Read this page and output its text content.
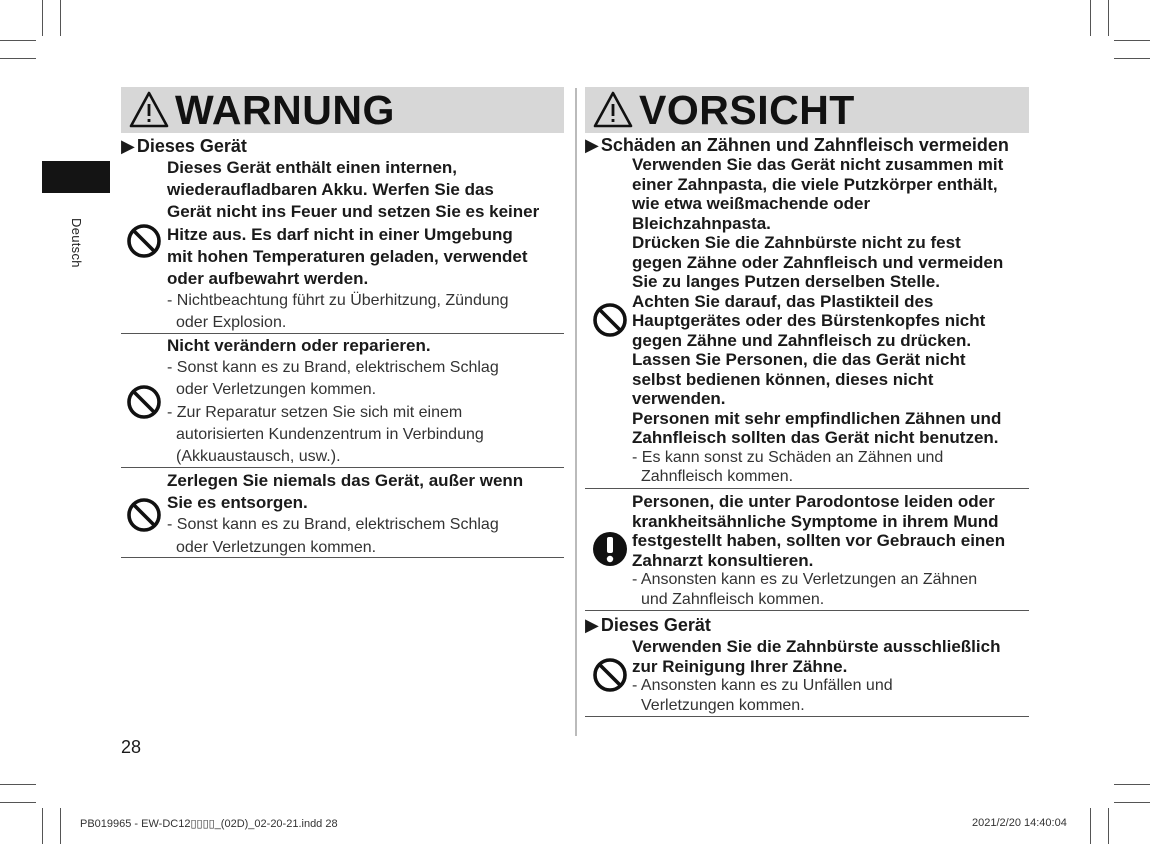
Deutsch
WARNUNG
▶ Dieses Gerät
Dieses Gerät enthält einen internen,
wiederaufladbaren Akku. Werfen Sie das
Gerät nicht ins Feuer und setzen Sie es keiner
Hitze aus. Es darf nicht in einer Umgebung
mit hohen Temperaturen geladen, verwendet
oder aufbewahrt werden.
- Nichtbeachtung führt zu Überhitzung, Zündung
oder Explosion.
Nicht verändern oder reparieren.
- Sonst kann es zu Brand, elektrischem Schlag
oder Verletzungen kommen.
- Zur Reparatur setzen Sie sich mit einem
autorisierten Kundenzentrum in Verbindung
(Akkuaustausch, usw.).
Zerlegen Sie niemals das Gerät, außer wenn
Sie es entsorgen.
- Sonst kann es zu Brand, elektrischem Schlag
oder Verletzungen kommen.
VORSICHT
▶ Schäden an Zähnen und Zahnfleisch vermeiden
▶ Dieses Gerät
Verwenden Sie das Gerät nicht zusammen mit
einer Zahnpasta, die viele Putzkörper enthält,
wie etwa weißmachende oder
Bleichzahnpasta.
Drücken Sie die Zahnbürste nicht zu fest
gegen Zähne oder Zahnfleisch und vermeiden
Sie zu langes Putzen derselben Stelle.
Achten Sie darauf, das Plastikteil des
Hauptgerätes oder des Bürstenkopfes nicht
gegen Zähne und Zahnfleisch zu drücken.
Lassen Sie Personen, die das Gerät nicht
selbst bedienen können, dieses nicht
verwenden.
Personen mit sehr empfindlichen Zähnen und
Zahnfleisch sollten das Gerät nicht benutzen.
- Es kann sonst zu Schäden an Zähnen und
Zahnfleisch kommen.
Personen, die unter Parodontose leiden oder
krankheitsähnliche Symptome in ihrem Mund
festgestellt haben, sollten vor Gebrauch einen
Zahnarzt konsultieren.
- Ansonsten kann es zu Verletzungen an Zähnen
und Zahnfleisch kommen.
Verwenden Sie die Zahnbürste ausschließlich
zur Reinigung Ihrer Zähne.
- Ansonsten kann es zu Unfällen und
Verletzungen kommen.
28
PB019965 - EW-DC12▯▯▯▯_(02D)_02-20-21.indd 28	2021/2/20 14:40:04
